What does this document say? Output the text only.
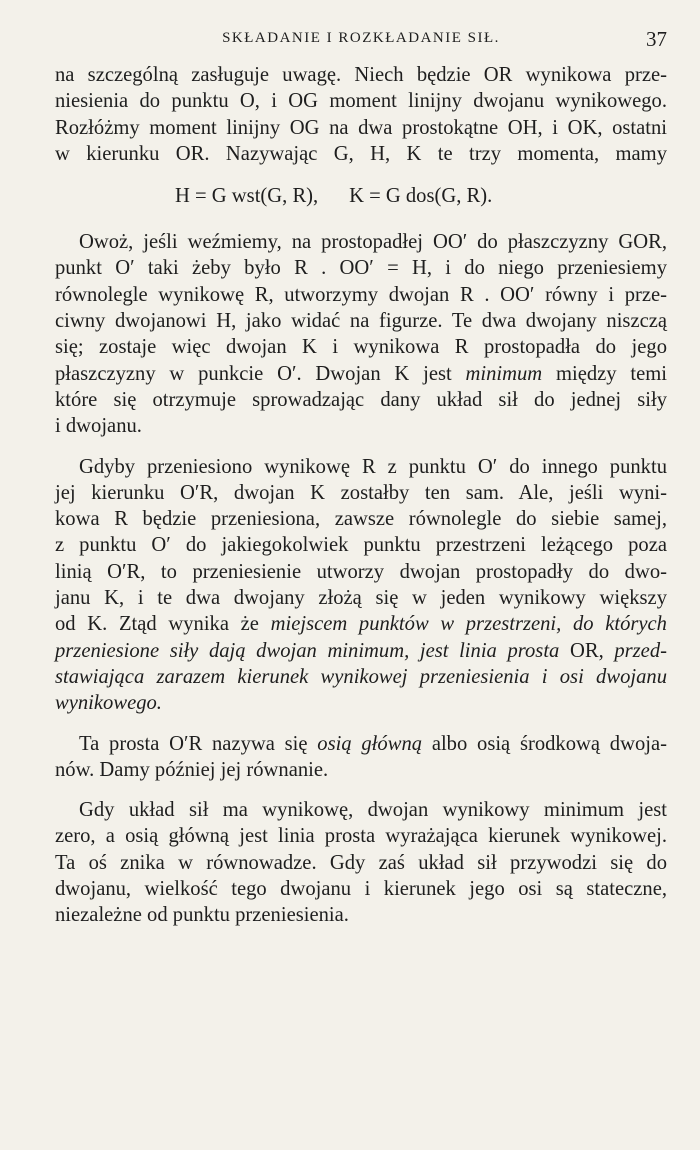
SKŁADANIE I ROZKŁADANIE SIŁ.	37
na szczególną zasługuje uwagę. Niech będzie OR wynikowa prze-
niesienia do punktu O, i OG moment linijny dwojanu wynikowego.
Rozłóżmy moment linijny OG na dwa prostokątne OH, i OK, ostatni
w kierunku OR. Nazywając G, H, K te trzy momenta, mamy
H = G wst(G, R),      K = G dos(G, R).
Owoż, jeśli weźmiemy, na prostopadłej OO′ do płaszczyzny GOR,
punkt O′ taki żeby było R . OO′ = H, i do niego przeniesiemy
równolegle wynikowę R, utworzymy dwojan R . OO′ równy i prze-
ciwny dwojanowi H, jako widać na figurze. Te dwa dwojany niszczą
się; zostaje więc dwojan K i wynikowa R prostopadła do jego
płaszczyzny w punkcie O′. Dwojan K jest minimum między temi
które się otrzymuje sprowadzając dany układ sił do jednej siły
i dwojanu.
Gdyby przeniesiono wynikowę R z punktu O′ do innego punktu
jej kierunku O′R, dwojan K zostałby ten sam. Ale, jeśli wyni-
kowa R będzie przeniesiona, zawsze równolegle do siebie samej,
z punktu O′ do jakiegokolwiek punktu przestrzeni leżącego poza
linią O′R, to przeniesienie utworzy dwojan prostopadły do dwo-
janu K, i te dwa dwojany złożą się w jeden wynikowy większy
od K. Ztąd wynika że miejscem punktów w przestrzeni, do których
przeniesione siły dają dwojan minimum, jest linia prosta OR, przed-
stawiająca zarazem kierunek wynikowej przeniesienia i osi dwojanu
wynikowego.
Ta prosta O′R nazywa się osią główną albo osią środkową dwoja-
nów. Damy później jej równanie.
Gdy układ sił ma wynikowę, dwojan wynikowy minimum jest
zero, a osią główną jest linia prosta wyrażająca kierunek wynikowej.
Ta oś znika w równowadze. Gdy zaś układ sił przywodzi się do
dwojanu, wielkość tego dwojanu i kierunek jego osi są stateczne,
niezależne od punktu przeniesienia.
